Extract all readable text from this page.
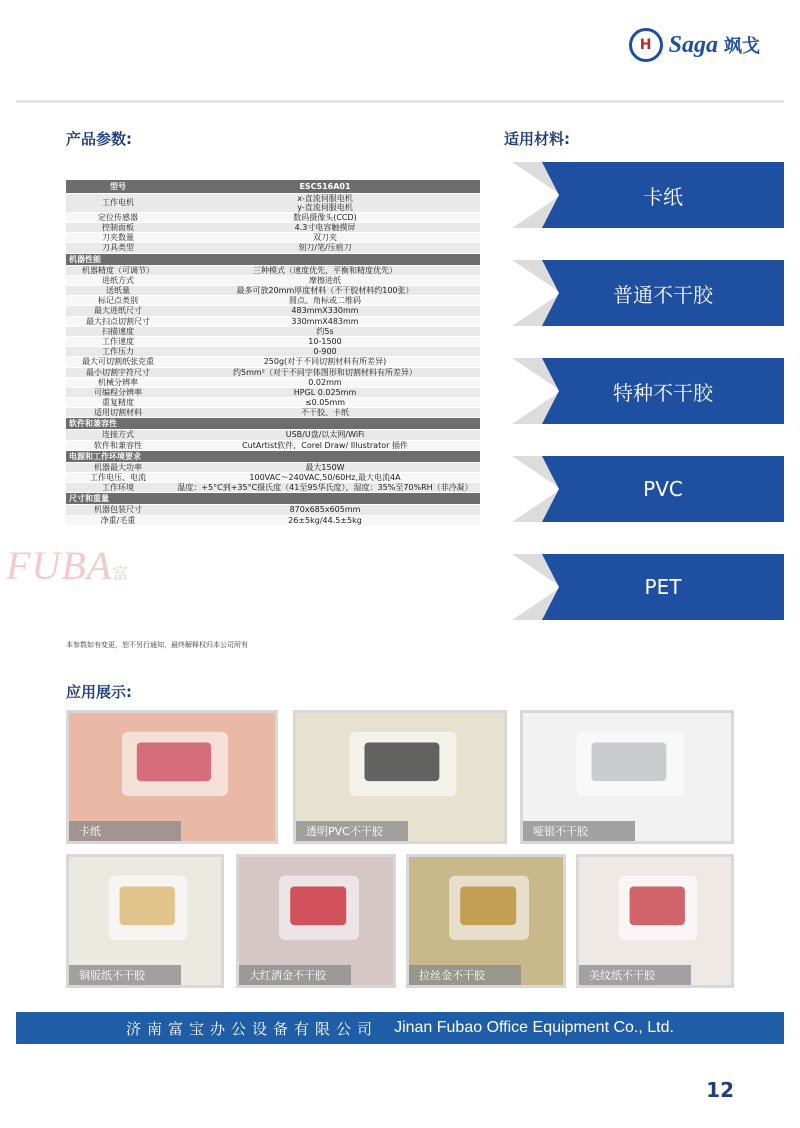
H Saga 飒戈
产品参数:	适用材料:
应用展示:
FUBA富
型号	ESC516A01
工作电机	x-直流伺服电机
y-直流伺服电机

定位传感器	数码摄像头(CCD)

控制面板	4.3寸电容触摸屏

刀夹数量	双刀夹

刀具类型	刻刀/笔/压痕刀

机器性能	
机器精度（可调节）	三种模式（速度优先、平衡和精度优先）

进纸方式	摩擦进纸

送纸量	最多可放20mm厚度材料（不干胶材料约100张）

标记点类别	圆点、角标或二维码

最大进纸尺寸	483mmX330mm

最大扫点切割尺寸	330mmX483mm

扫描速度	约5s

工作速度	10-1500

工作压力	0-900

最大可切割纸张克重	250g(对于不同切割材料有所差异)

最小切割字符尺寸	约5mm²（对于不同字体图形和切割材料有所差异）

机械分辨率	0.02mm

可编程分辨率	HPGL 0.025mm

重复精度	≤0.05mm

适用切割材料	不干胶、卡纸

软件和兼容性	
连接方式	USB/U盘/以太网/WiFi

软件和兼容性	CutArtist软件，Corel Draw/ Illustrator 插件

电源和工作环境要求	
机器最大功率	最大150W

工作电压、电流	100VAC～240VAC,50/60Hz,最大电流4A

工作环境	温度：+5°C到+35°C摄氏度（41至95华氏度），湿度：35%至70%RH（非冷凝）

尺寸和重量	
机器包装尺寸	870x685x605mm

净重/毛重	26±5kg/44.5±5kg
本参数如有变更，恕不另行通知，最终解释权归本公司所有
卡纸
普通不干胶
特种不干胶
PVC
PET
卡纸	透明PVC不干胶	哑银不干胶
铜版纸不干胶	大红洒金不干胶	拉丝金不干胶	美纹纸不干胶
济南富宝办公设备有限公司 Jinan Fubao Office Equipment Co., Ltd.
12
